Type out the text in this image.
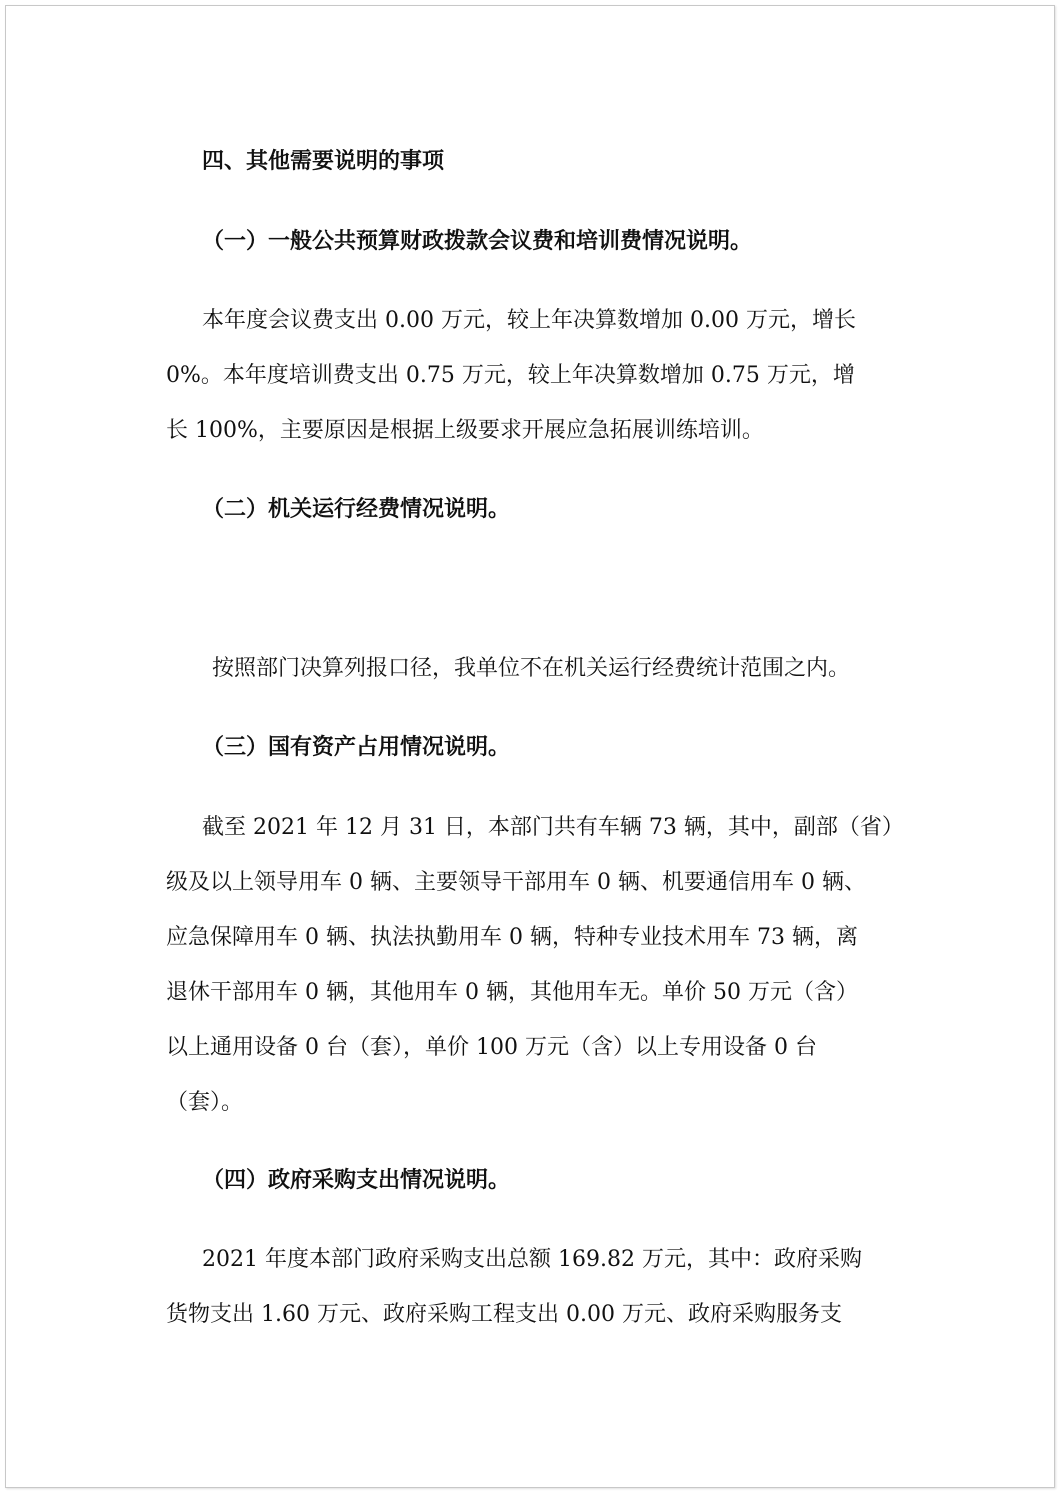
四、其他需要说明的事项
（一）一般公共预算财政拨款会议费和培训费情况说明。
本年度会议费支出 0.00 万元，较上年决算数增加 0.00 万元，增长
0%。本年度培训费支出 0.75 万元，较上年决算数增加 0.75 万元，增
长 100%，主要原因是根据上级要求开展应急拓展训练培训。
（二）机关运行经费情况说明。
按照部门决算列报口径，我单位不在机关运行经费统计范围之内。
（三）国有资产占用情况说明。
截至 2021 年 12 月 31 日，本部门共有车辆 73 辆，其中，副部（省）
级及以上领导用车 0 辆、主要领导干部用车 0 辆、机要通信用车 0 辆、
应急保障用车 0 辆、执法执勤用车 0 辆，特种专业技术用车 73 辆，离
退休干部用车 0 辆，其他用车 0 辆，其他用车无。单价 50 万元（含）
以上通用设备 0 台（套），单价 100 万元（含）以上专用设备 0 台
（套）。
（四）政府采购支出情况说明。
2021 年度本部门政府采购支出总额 169.82 万元，其中：政府采购
货物支出 1.60 万元、政府采购工程支出 0.00 万元、政府采购服务支
